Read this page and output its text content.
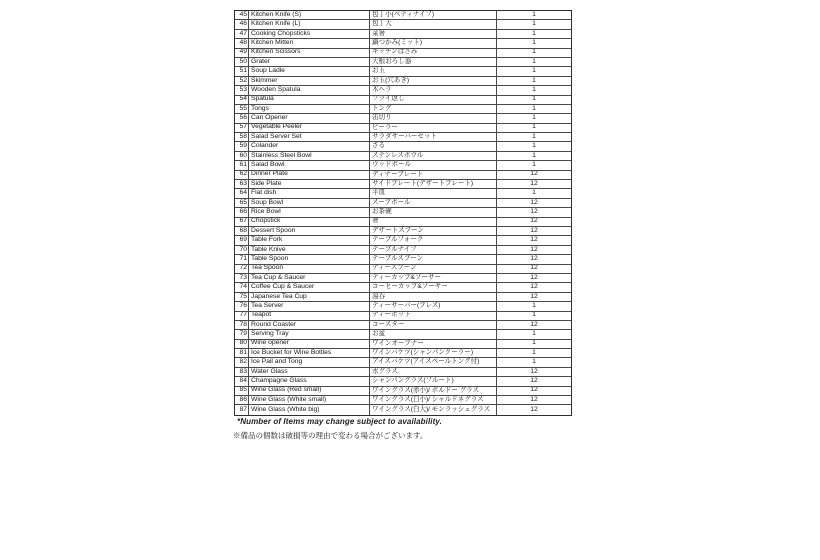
45 Kitchen Knife (S)	包丁小(ペティナイフ)	1
46 Kitchen Knife (L)	包丁大	1
47 Cooking Chopsticks	菜箸	1
48 Kitchen Mitten	鍋つかみ(ミット)	1
49 Kitchen Scissors	キッチンはさみ	1
50 Grater	大根おろし器	1
51 Soup Ladle	お玉	1
52 Skimmer	お玉(穴あき)	1
53 Wooden Spatula	木ヘラ	1
54 Spatula	フライ返し	1
55 Tongs	トング	1
56 Can Opener	缶切り	1
57 Vegetable Peeler	ピーラー	1
58 Salad Server Set	サラダサーバーセット	1
59 Colander	ざる	1
60 Stainless Steel Bowl	ステンレスボウル	1
61 Salad Bowl	ウッドボール	1
62 Dinner Plate	ディナープレート	12
63 Side Plate	サイドプレート(デザートプレート)	12
64 Flat dish	平皿	1
65 Soup Bowl	スープボール	12
66 Rice Bowl	お茶碗	12
67 Chopstick	箸	12
68 Dessert Spoon	デザートスプーン	12
69 Table Fork	テーブルフォーク	12
70 Table Knive	テーブルナイフ	12
71 Table Spoon	テーブルスプーン	12
72 Tea Spoon	ティースプーン	12
73 Tea Cup & Saucer	ティーカップ&ソーサー	12
74 Coffee Cup & Saucer	コーヒーカップ&ソーサー	12
75 Japanese Tea Cup	湯呑	12
76 Tea Server	ティーサーバー(プレス)	1
77 Teapot	ティーポット	1
78 Round Coaster	コースター	12
79 Serving Tray	お盆	1
80 Wine opener	ワインオープナー	1
81 Ice Bucket for Wine Bottles	ワインバケツ(シャンパンクーラー)	1
82 Ice Pail and Tong	アイスバケツ(アイスペールトング付)	1
83 Water Glass	水グラス	12
84 Champagne Glass	シャンパングラス(フルート)	12
85 Wine Glass (Red small)	ワイングラス(赤小)/ ボルドー グラス	12
86 Wine Glass (White small)	ワイングラス(白小)/ シャルドネグラス	12
87 Wine Glass (White big)	ワイングラス(白大)/ モンラッシェグラス	12
*Number of Items may change subject to availability.
※備品の個数は破損等の理由で変わる場合がございます。
